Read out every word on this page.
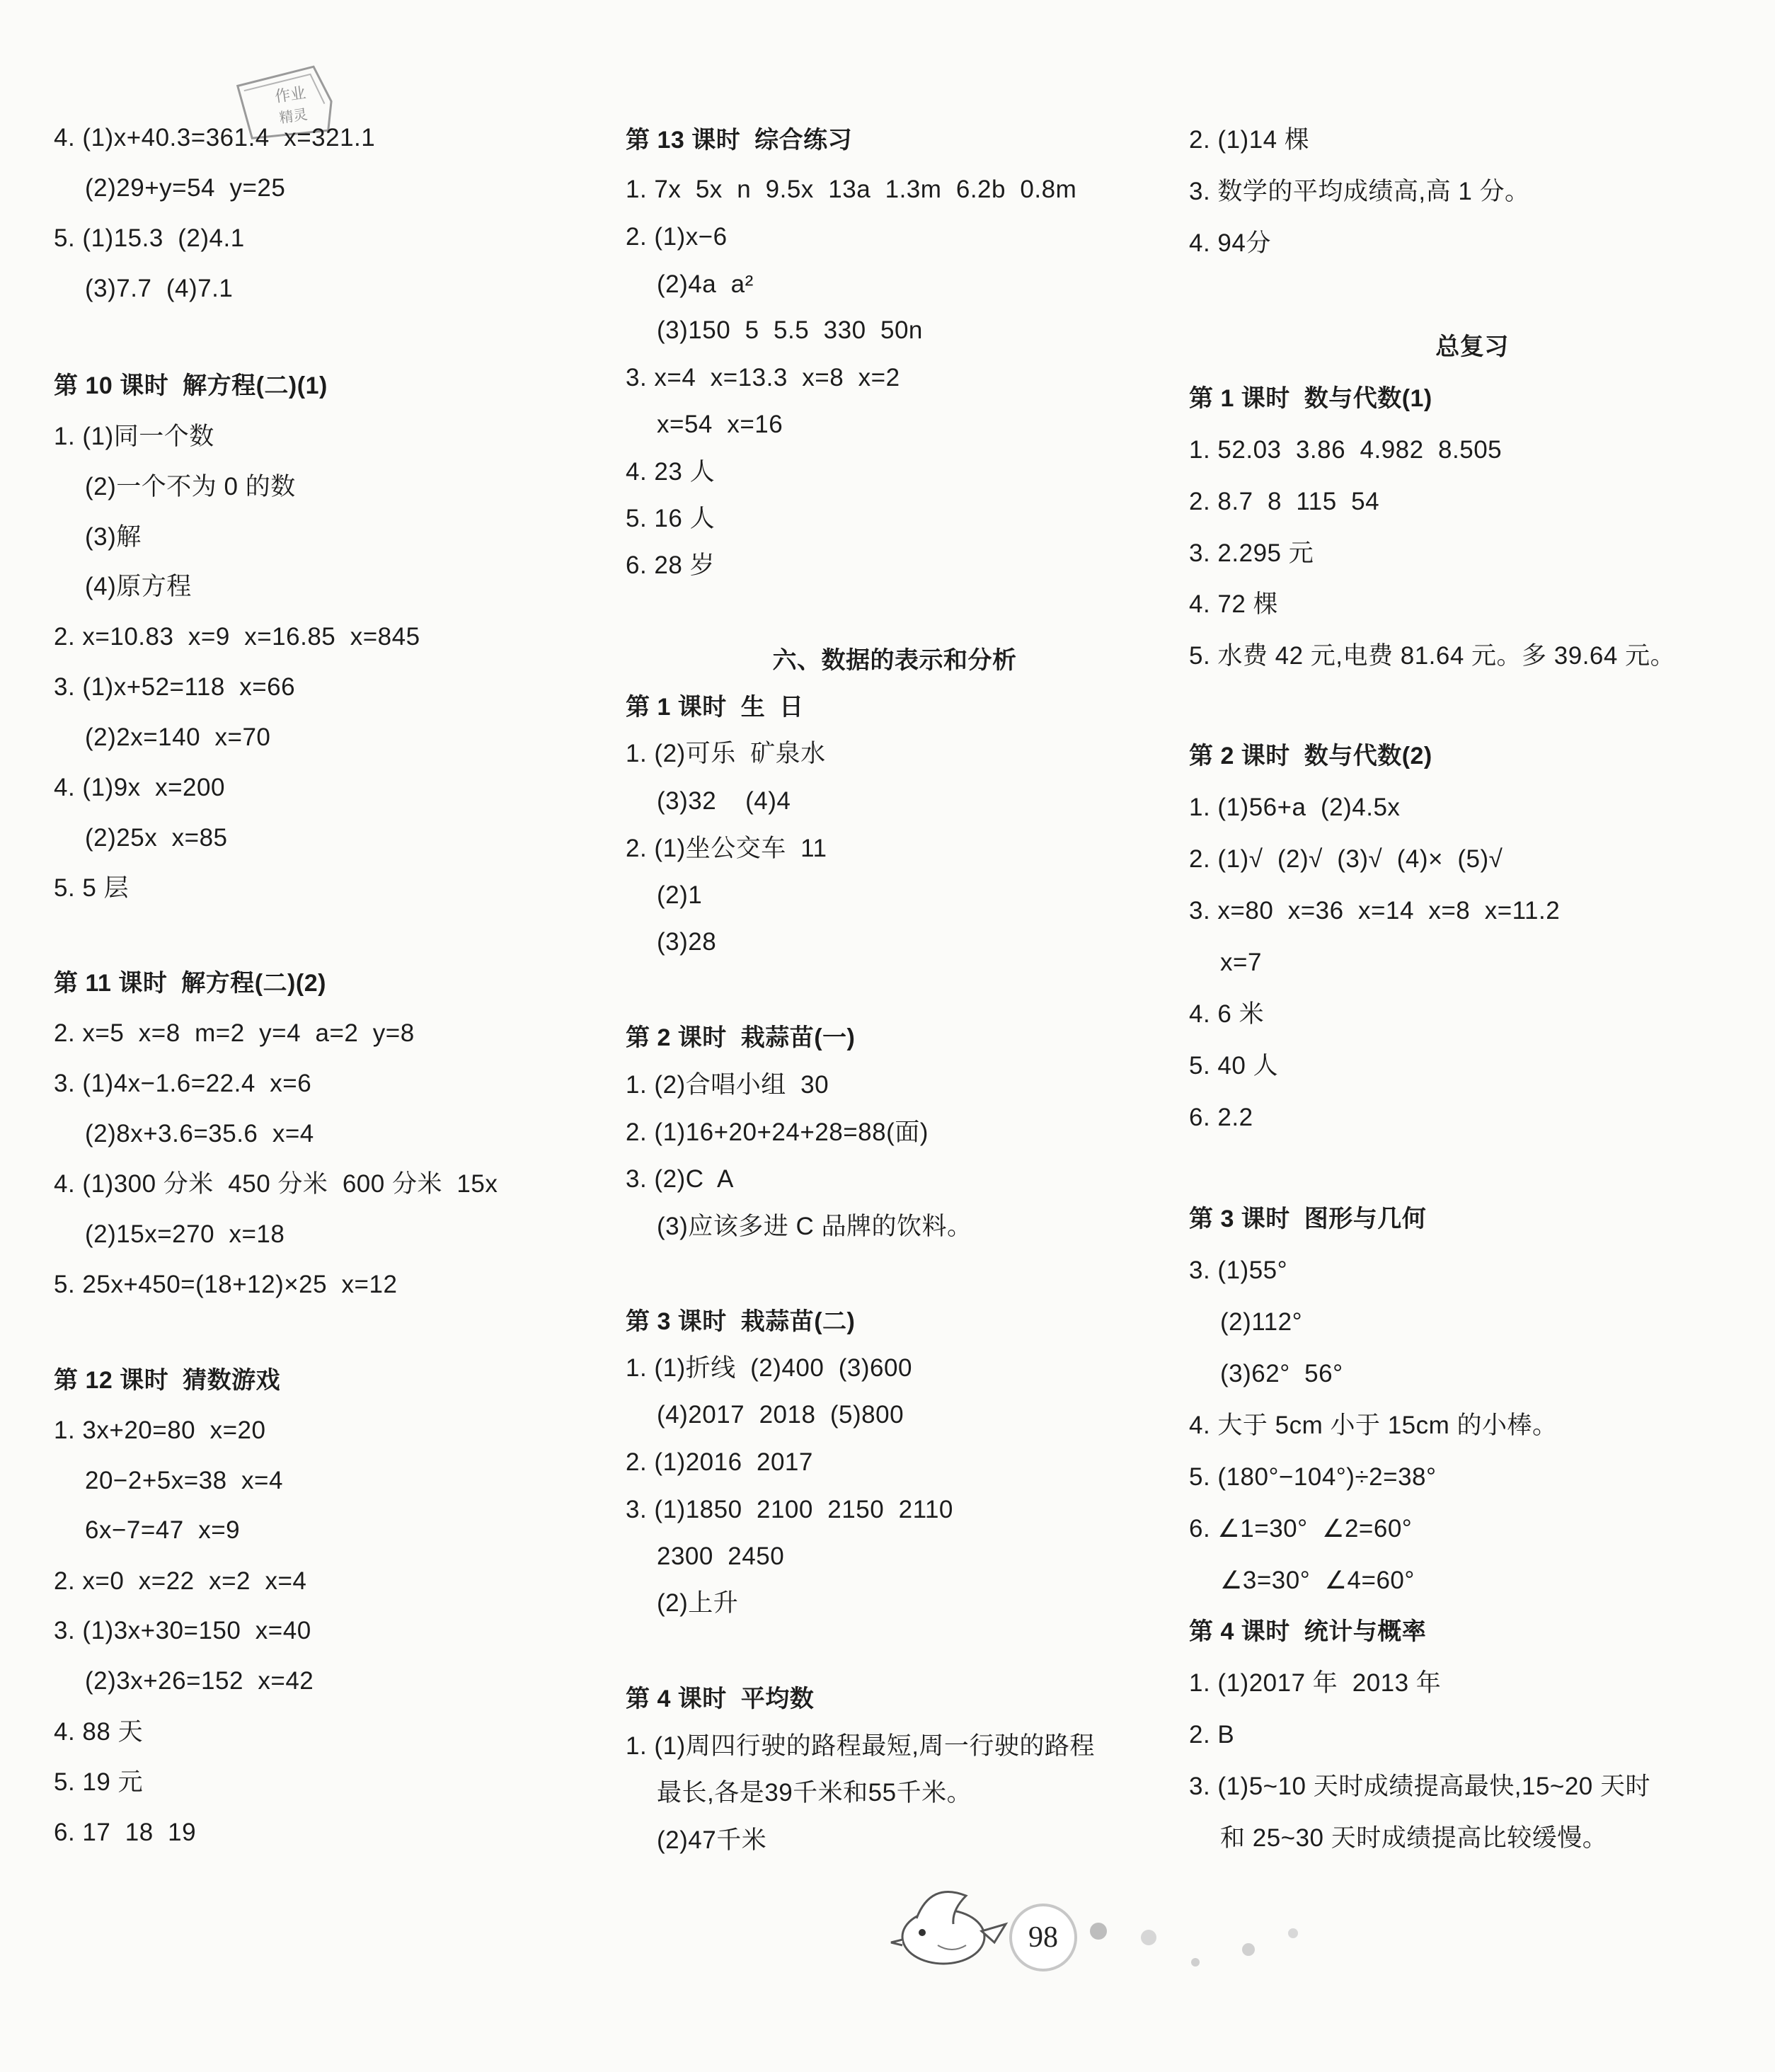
作业
精灵
4. (1)x+40.3=361.4  x=321.1
(2)29+y=54  y=25
5. (1)15.3  (2)4.1
(3)7.7  (4)7.1
第 10 课时  解方程(二)(1)
1. (1)同一个数
(2)一个不为 0 的数
(3)解
(4)原方程
2. x=10.83  x=9  x=16.85  x=845
3. (1)x+52=118  x=66
(2)2x=140  x=70
4. (1)9x  x=200
(2)25x  x=85
5. 5 层
第 11 课时  解方程(二)(2)
2. x=5  x=8  m=2  y=4  a=2  y=8
3. (1)4x−1.6=22.4  x=6
(2)8x+3.6=35.6  x=4
4. (1)300 分米  450 分米  600 分米  15x
(2)15x=270  x=18
5. 25x+450=(18+12)×25  x=12
第 12 课时  猜数游戏
1. 3x+20=80  x=20
20−2+5x=38  x=4
6x−7=47  x=9
2. x=0  x=22  x=2  x=4
3. (1)3x+30=150  x=40
(2)3x+26=152  x=42
4. 88 天
5. 19 元
6. 17  18  19
第 13 课时  综合练习
1. 7x  5x  n  9.5x  13a  1.3m  6.2b  0.8m
2. (1)x−6
(2)4a  a²
(3)150  5  5.5  330  50n
3. x=4  x=13.3  x=8  x=2
x=54  x=16
4. 23 人
5. 16 人
6. 28 岁
六、数据的表示和分析
第 1 课时  生  日
1. (2)可乐  矿泉水
(3)32    (4)4
2. (1)坐公交车  11
(2)1
(3)28
第 2 课时  栽蒜苗(一)
1. (2)合唱小组  30
2. (1)16+20+24+28=88(面)
3. (2)C  A
(3)应该多进 C 品牌的饮料。
第 3 课时  栽蒜苗(二)
1. (1)折线  (2)400  (3)600
(4)2017  2018  (5)800
2. (1)2016  2017
3. (1)1850  2100  2150  2110
2300  2450
(2)上升
第 4 课时  平均数
1. (1)周四行驶的路程最短,周一行驶的路程
最长,各是39千米和55千米。
(2)47千米
2. (1)14 棵
3. 数学的平均成绩高,高 1 分。
4. 94分
总复习
第 1 课时  数与代数(1)
1. 52.03  3.86  4.982  8.505
2. 8.7  8  115  54
3. 2.295 元
4. 72 棵
5. 水费 42 元,电费 81.64 元。多 39.64 元。
第 2 课时  数与代数(2)
1. (1)56+a  (2)4.5x
2. (1)√  (2)√  (3)√  (4)×  (5)√
3. x=80  x=36  x=14  x=8  x=11.2
x=7
4. 6 米
5. 40 人
6. 2.2
第 3 课时  图形与几何
3. (1)55°
(2)112°
(3)62°  56°
4. 大于 5cm 小于 15cm 的小棒。
5. (180°−104°)÷2=38°
6. ∠1=30°  ∠2=60°
∠3=30°  ∠4=60°
第 4 课时  统计与概率
1. (1)2017 年  2013 年
2. B
3. (1)5~10 天时成绩提高最快,15~20 天时
和 25~30 天时成绩提高比较缓慢。
98
